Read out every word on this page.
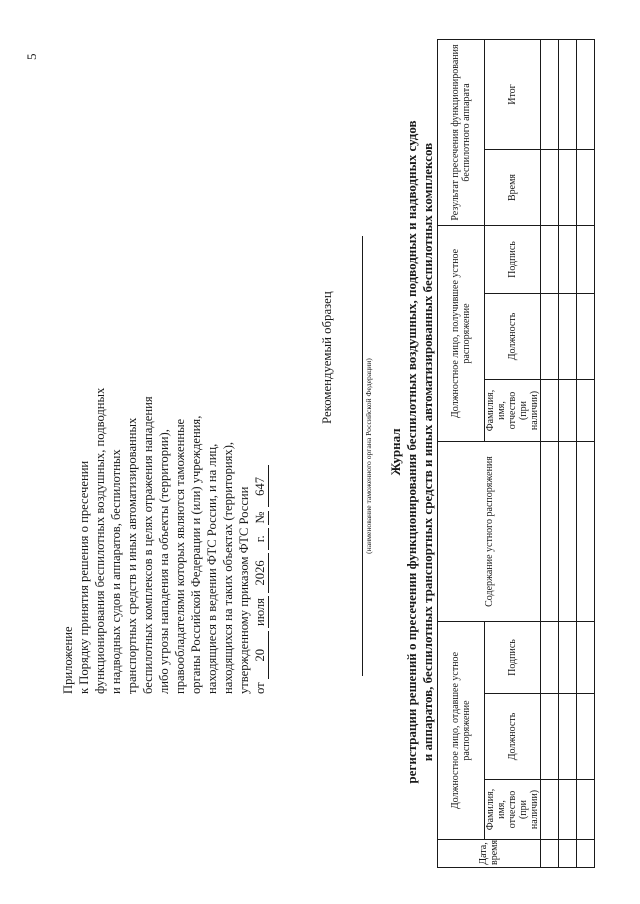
5
Приложение к Порядку принятия решения о пресечении функционирования беспилотных воздушных, подводных и надводных судов и аппаратов, беспилотных транспортных средств и иных автоматизированных беспилотных комплексов в целях отражения нападения либо угрозы нападения на объекты (территории), правообладателями которых являются таможенные органы Российской Федерации и (или) учреждения, находящиеся в ведении ФТС России, и на лиц, находящихся на таких объектах (территориях), утвержденному приказом ФТС России от 20 июля 2026 г. № 647
Рекомендуемый образец
(наименование таможенного органа Российской Федерации) Журнал регистрации решений о пресечении функционирования беспилотных воздушных, подводных и надводных судов и аппаратов, беспилотных транспортных средств и иных автоматизированных беспилотных комплексов
Дата, время	Должностное лицо, отдавшее устное распоряжение			Содержание устного распоряжения	Должностное лицо, получившее устное распоряжение			Результат пресечения функционирования беспилотного аппарата	
	Фамилия, имя, отчество (при наличии)	Должность	Подпись		Фамилия, имя, отчество (при наличии)	Должность	Подпись	Время	Итог
